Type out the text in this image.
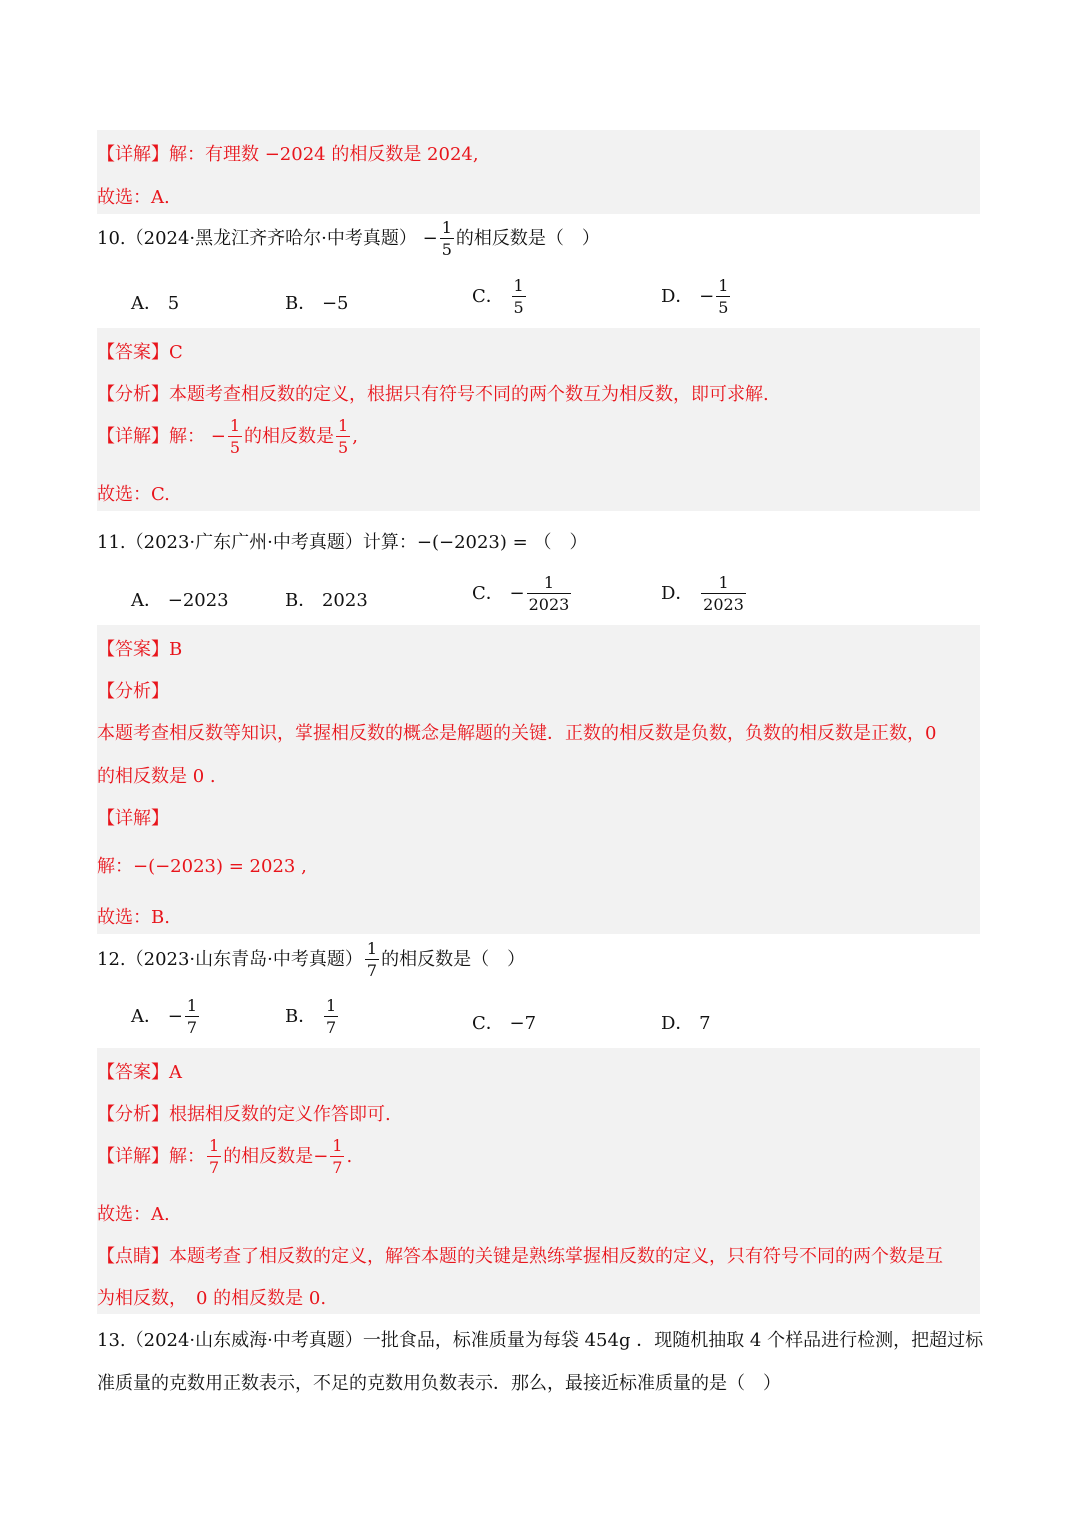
【详解】解：有理数 −2024 的相反数是 2024,
故选：A.
10.（2024·黑龙江齐齐哈尔·中考真题） − $\frac{1}{5}$ 的相反数是（　）
A． 5	B． −5	C． $\frac{1}{5}$	D． − $\frac{1}{5}$
【答案】C
【分析】本题考查相反数的定义，根据只有符号不同的两个数互为相反数，即可求解.
【详解】解： − $\frac{1}{5}$ 的相反数是 $\frac{1}{5}$ ,
故选：C.
11.（2023·广东广州·中考真题）计算：−(−2023) = （　）
A． −2023	B． 2023	C． − $\frac{1}{2023}$	D． $\frac{1}{2023}$
【答案】B
【分析】
本题考查相反数等知识，掌握相反数的概念是解题的关键．正数的相反数是负数，负数的相反数是正数，0
的相反数是 0 .
【详解】
解：−(−2023) = 2023 ,
故选：B.
12.（2023·山东青岛·中考真题） $\frac{1}{7}$ 的相反数是（　）
A． − $\frac{1}{7}$	B． $\frac{1}{7}$	C． −7	D． 7
【答案】A
【分析】根据相反数的定义作答即可.
【详解】解： $\frac{1}{7}$ 的相反数是− $\frac{1}{7}$ .
故选：A.
【点睛】本题考查了相反数的定义，解答本题的关键是熟练掌握相反数的定义，只有符号不同的两个数是互
为相反数，　0 的相反数是 0.
13.（2024·山东威海·中考真题）一批食品，标准质量为每袋 454g ．现随机抽取 4 个样品进行检测，把超过标
准质量的克数用正数表示，不足的克数用负数表示．那么，最接近标准质量的是（　）
